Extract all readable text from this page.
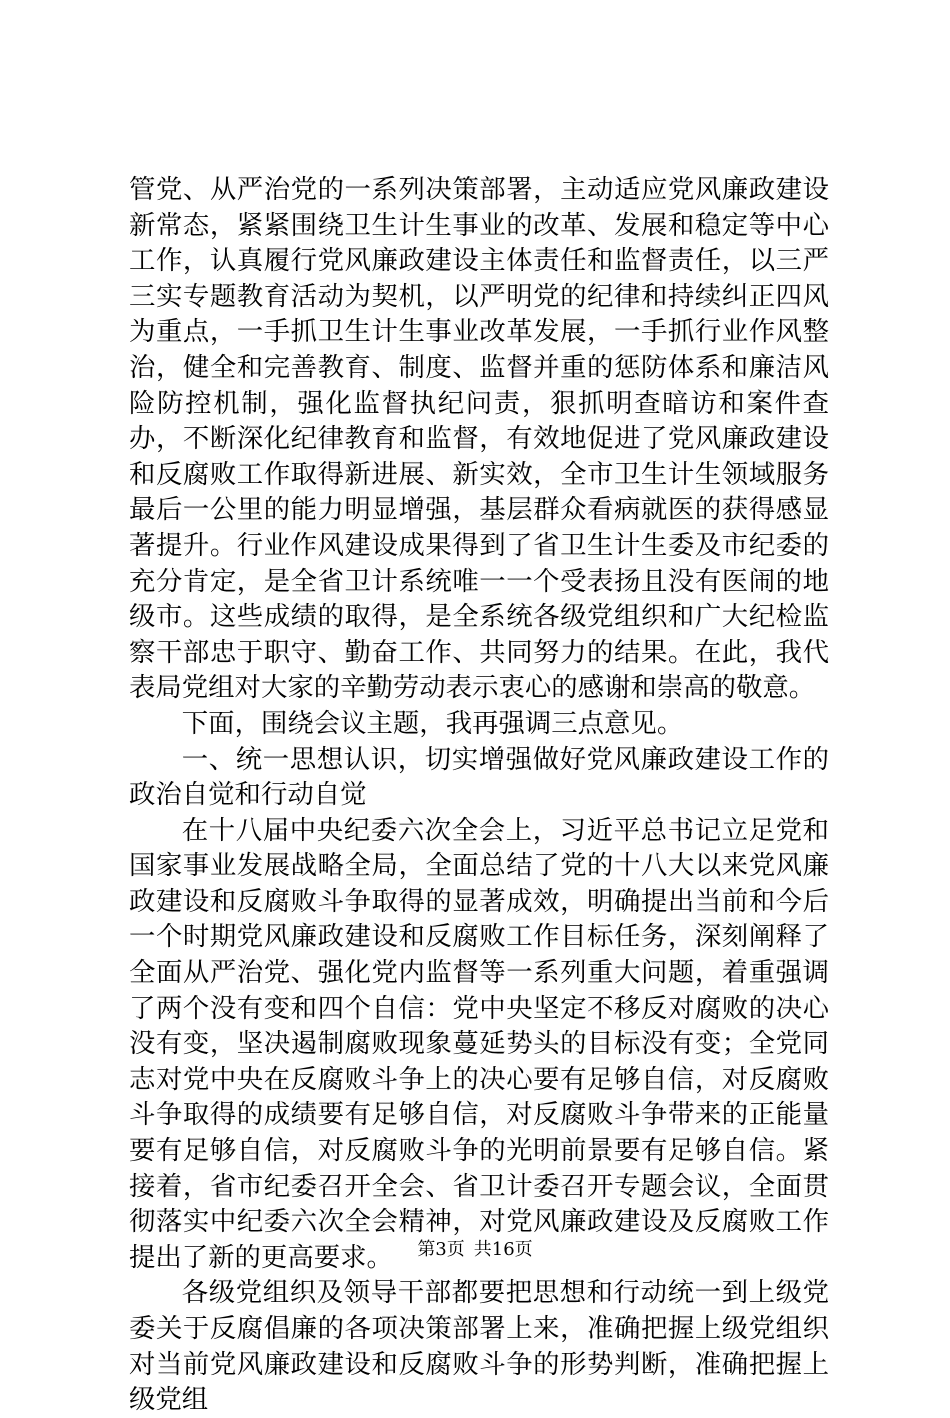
管党、从严治党的一系列决策部署，主动适应党风廉政建设新常态，紧紧围绕卫生计生事业的改革、发展和稳定等中心工作，认真履行党风廉政建设主体责任和监督责任，以三严三实专题教育活动为契机，以严明党的纪律和持续纠正四风为重点，一手抓卫生计生事业改革发展，一手抓行业作风整治，健全和完善教育、制度、监督并重的惩防体系和廉洁风险防控机制，强化监督执纪问责，狠抓明查暗访和案件查办，不断深化纪律教育和监督，有效地促进了党风廉政建设和反腐败工作取得新进展、新实效，全市卫生计生领域服务最后一公里的能力明显增强，基层群众看病就医的获得感显著提升。行业作风建设成果得到了省卫生计生委及市纪委的充分肯定，是全省卫计系统唯一一个受表扬且没有医闹的地级市。这些成绩的取得，是全系统各级党组织和广大纪检监察干部忠于职守、勤奋工作、共同努力的结果。在此，我代表局党组对大家的辛勤劳动表示衷心的感谢和崇高的敬意。

下面，围绕会议主题，我再强调三点意见。

一、统一思想认识，切实增强做好党风廉政建设工作的政治自觉和行动自觉

在十八届中央纪委六次全会上，习近平总书记立足党和国家事业发展战略全局，全面总结了党的十八大以来党风廉政建设和反腐败斗争取得的显著成效，明确提出当前和今后一个时期党风廉政建设和反腐败工作目标任务，深刻阐释了全面从严治党、强化党内监督等一系列重大问题，着重强调了两个没有变和四个自信：党中央坚定不移反对腐败的决心没有变，坚决遏制腐败现象蔓延势头的目标没有变；全党同志对党中央在反腐败斗争上的决心要有足够自信，对反腐败斗争取得的成绩要有足够自信，对反腐败斗争带来的正能量要有足够自信，对反腐败斗争的光明前景要有足够自信。紧接着，省市纪委召开全会、省卫计委召开专题会议，全面贯彻落实中纪委六次全会精神，对党风廉政建设及反腐败工作提出了新的更高要求。

各级党组织及领导干部都要把思想和行动统一到上级党委关于反腐倡廉的各项决策部署上来，准确把握上级党组织对当前党风廉政建设和反腐败斗争的形势判断，准确把握上级党组

第3页 共16页
